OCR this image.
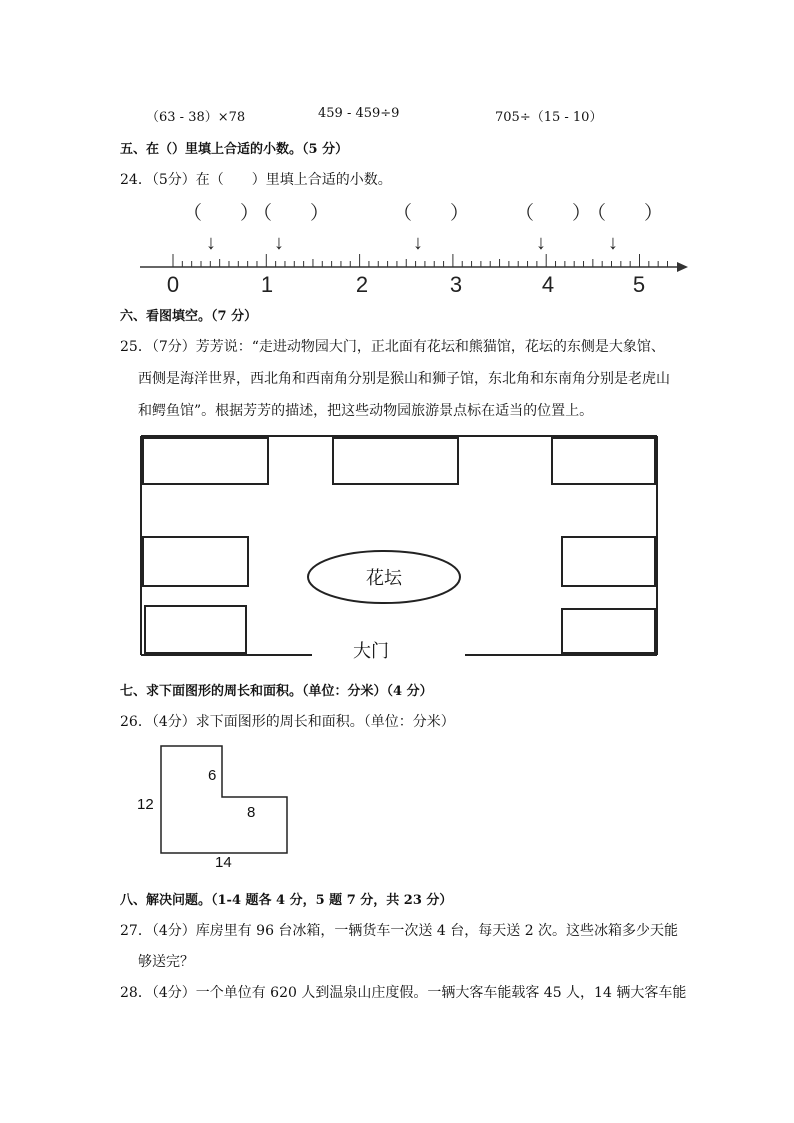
（63 - 38）×78	459 - 459÷9	705÷（15 - 10）
五、在（）里填上合适的小数。（5 分）
24．（5分）在（　　）里填上合适的小数。
（　　）
（　　）	（　　） （　　）
（　　）
↓	↓	↓	↓	↓
0	1	2	3	4	5
六、看图填空。（7 分）
25．（7分）芳芳说：“走进动物园大门，正北面有花坛和熊猫馆，花坛的东侧是大象馆、
西侧是海洋世界，西北角和西南角分别是猴山和狮子馆，东北角和东南角分别是老虎山
和鳄鱼馆”。根据芳芳的描述，把这些动物园旅游景点标在适当的位置上。
花坛
大门
七、求下面图形的周长和面积。（单位：分米）（4 分）
26．（4分）求下面图形的周长和面积。（单位：分米）
12
6
8
14
八、解决问题。（1-4 题各 4 分，5 题 7 分，共 23 分）
27．（4分）库房里有 96 台冰箱，一辆货车一次送 4 台，每天送 2 次。这些冰箱多少天能
够送完？
28．（4分）一个单位有 620 人到温泉山庄度假。一辆大客车能载客 45 人，14 辆大客车能
